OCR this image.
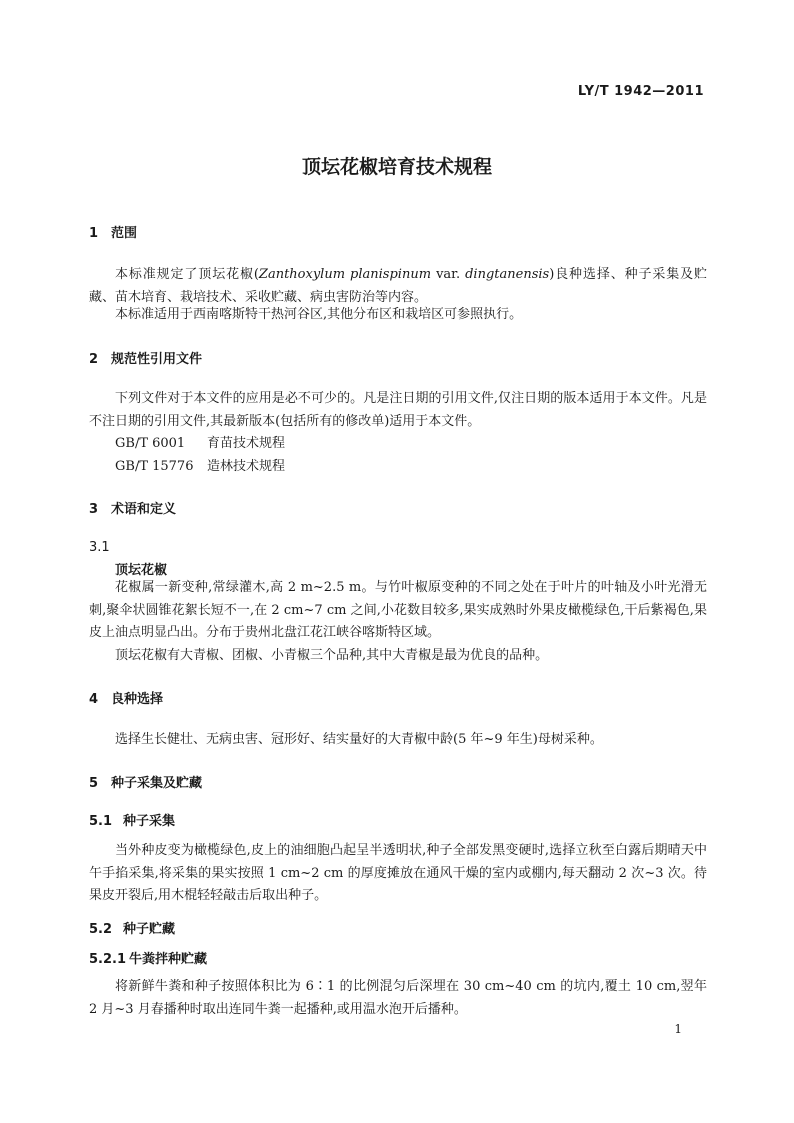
LY/T 1942—2011
顶坛花椒培育技术规程
1 范围
本标准规定了顶坛花椒(Zanthoxylum planispinum var. dingtanensis)良种选择、种子采集及贮藏、苗木培育、栽培技术、采收贮藏、病虫害防治等内容。
本标准适用于西南喀斯特干热河谷区,其他分布区和栽培区可参照执行。
2 规范性引用文件
下列文件对于本文件的应用是必不可少的。凡是注日期的引用文件,仅注日期的版本适用于本文件。凡是不注日期的引用文件,其最新版本(包括所有的修改单)适用于本文件。
GB/T 6001 育苗技术规程
GB/T 15776 造林技术规程
3 术语和定义
3.1
顶坛花椒
花椒属一新变种,常绿灌木,高 2 m~2.5 m。与竹叶椒原变种的不同之处在于叶片的叶轴及小叶光滑无刺,聚伞状圆锥花絮长短不一,在 2 cm~7 cm 之间,小花数目较多,果实成熟时外果皮橄榄绿色,干后紫褐色,果皮上油点明显凸出。分布于贵州北盘江花江峡谷喀斯特区域。
顶坛花椒有大青椒、团椒、小青椒三个品种,其中大青椒是最为优良的品种。
4 良种选择
选择生长健壮、无病虫害、冠形好、结实量好的大青椒中龄(5 年~9 年生)母树采种。
5 种子采集及贮藏
5.1 种子采集
当外种皮变为橄榄绿色,皮上的油细胞凸起呈半透明状,种子全部发黑变硬时,选择立秋至白露后期晴天中午手掐采集,将采集的果实按照 1 cm~2 cm 的厚度摊放在通风干燥的室内或棚内,每天翻动 2 次~3 次。待果皮开裂后,用木棍轻轻敲击后取出种子。
5.2 种子贮藏
5.2.1 牛粪拌种贮藏
将新鲜牛粪和种子按照体积比为 6∶1 的比例混匀后深埋在 30 cm~40 cm 的坑内,覆土 10 cm,翌年 2 月~3 月春播种时取出连同牛粪一起播种,或用温水泡开后播种。
1
